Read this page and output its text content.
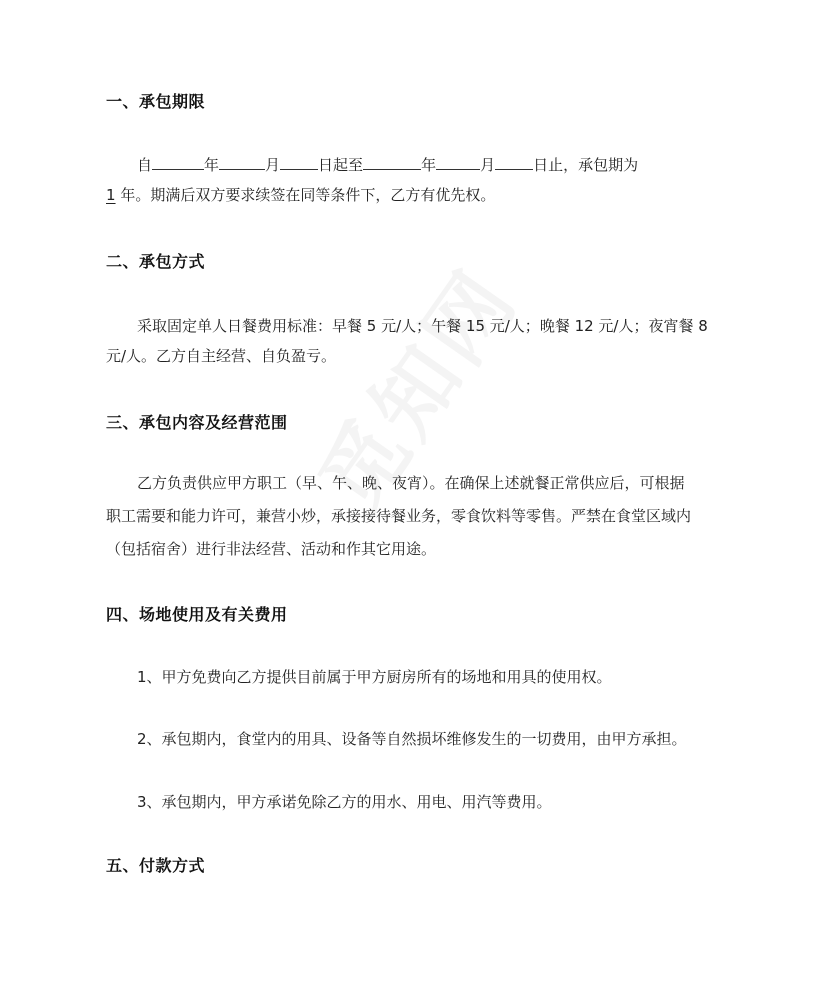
一、承包期限
自	年	月	日起至	年	月	日止，承包期为
1 年。期满后双方要求续签在同等条件下，乙方有优先权。
二、承包方式
采取固定单人日餐费用标准：早餐 5 元/人；午餐 15 元/人；晚餐 12 元/人；夜宵餐 8
元/人。乙方自主经营、自负盈亏。
三、承包内容及经营范围
乙方负责供应甲方职工（早、午、晚、夜宵）。在确保上述就餐正常供应后，可根据
职工需要和能力许可，兼营小炒，承接接待餐业务，零食饮料等零售。严禁在食堂区域内
（包括宿舍）进行非法经营、活动和作其它用途。
四、场地使用及有关费用
1、甲方免费向乙方提供目前属于甲方厨房所有的场地和用具的使用权。
2、承包期内，食堂内的用具、设备等自然损坏维修发生的一切费用，由甲方承担。
3、承包期内，甲方承诺免除乙方的用水、用电、用汽等费用。
五、付款方式
